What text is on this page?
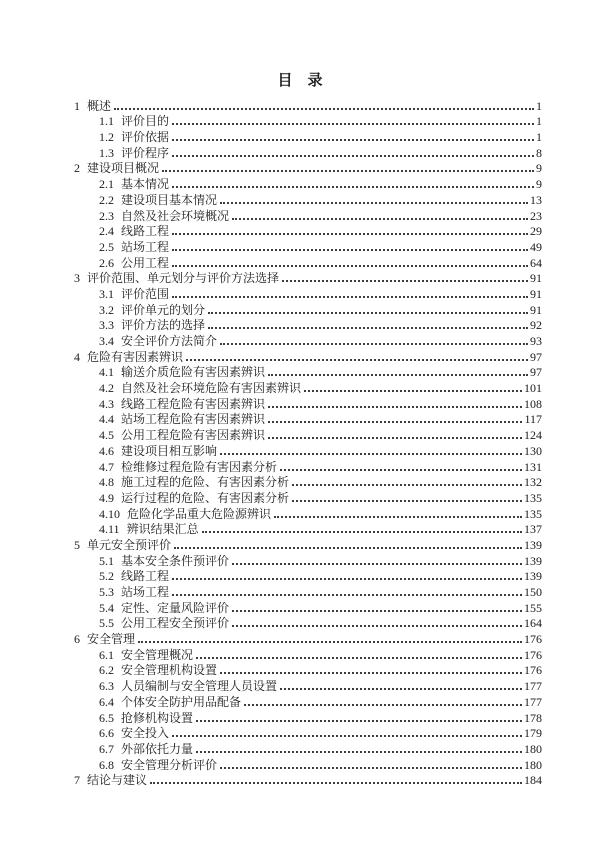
目　录
1 概述	1
1.1 评价目的	1
1.2 评价依据	1
1.3 评价程序	8
2 建设项目概况	9
2.1 基本情况	9
2.2 建设项目基本情况	13
2.3 自然及社会环境概况	23
2.4 线路工程	29
2.5 站场工程	49
2.6 公用工程	64
3 评价范围、单元划分与评价方法选择	91
3.1 评价范围	91
3.2 评价单元的划分	91
3.3 评价方法的选择	92
3.4 安全评价方法简介	93
4 危险有害因素辨识	97
4.1 输送介质危险有害因素辨识	97
4.2 自然及社会环境危险有害因素辨识	101
4.3 线路工程危险有害因素辨识	108
4.4 站场工程危险有害因素辨识	117
4.5 公用工程危险有害因素辨识	124
4.6 建设项目相互影响	130
4.7 检维修过程危险有害因素分析	131
4.8 施工过程的危险、有害因素分析	132
4.9 运行过程的危险、有害因素分析	135
4.10 危险化学品重大危险源辨识	135
4.11 辨识结果汇总	137
5 单元安全预评价	139
5.1 基本安全条件预评价	139
5.2 线路工程	139
5.3 站场工程	150
5.4 定性、定量风险评价	155
5.5 公用工程安全预评价	164
6 安全管理	176
6.1 安全管理概况	176
6.2 安全管理机构设置	176
6.3 人员编制与安全管理人员设置	177
6.4 个体安全防护用品配备	177
6.5 抢修机构设置	178
6.6 安全投入	179
6.7 外部依托力量	180
6.8 安全管理分析评价	180
7 结论与建议	184
